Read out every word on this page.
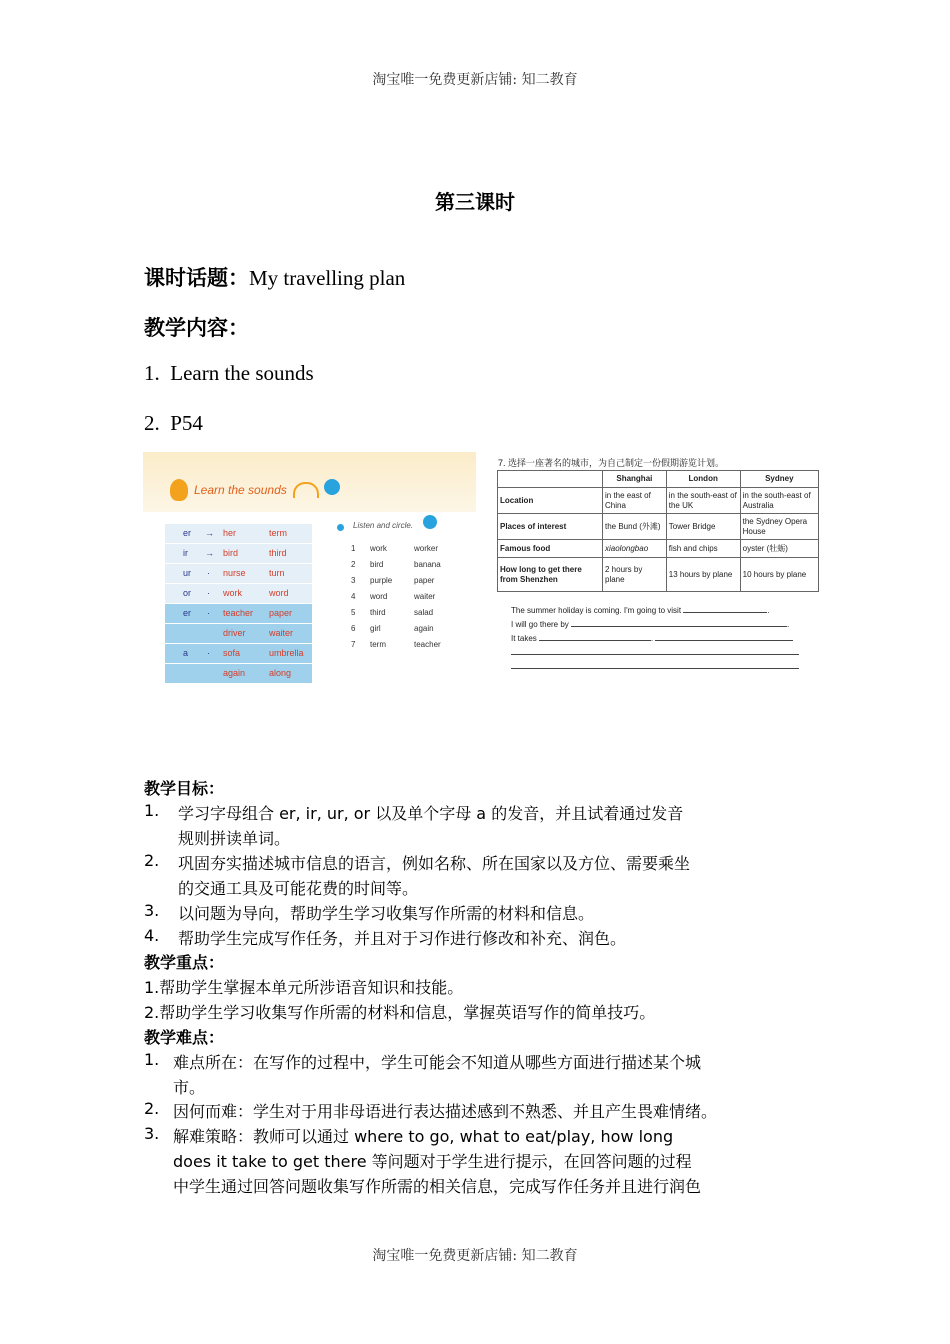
淘宝唯一免费更新店铺: 知二教育
第三课时
课时话题：My travelling plan
教学内容：
1. Learn the sounds
2. P54
Learn the sounds
er → her	term
ir → bird	third
ur · nurse	turn
or · work	word
er · teacher paper
driver	waiter
a · sofa	umbrella
again	along
Listen and circle.
1 work	worker
2 bird	banana
3 purple	paper
4 word	waiter
5 third	salad
6 girl	again
7 term	teacher
7. 选择一座著名的城市，为自己制定一份假期游览计划。
	Shanghai	London	Sydney
Location	in the east of China	in the south-east of the UK	in the south-east of Australia
Places of interest	the Bund (外滩)	Tower Bridge	the Sydney Opera House
Famous food	xiaolongbao	fish and chips	oyster (牡蛎)
How long to get there from Shenzhen	2 hours by plane	13 hours by plane	10 hours by plane
The summer holiday is coming. I'm going to visit	.
I will go there by	.
It takes	.
教学目标：
1. 学习字母组合 er, ir, ur, or 以及单个字母 a 的发音，并且试着通过发音
规则拼读单词。
2. 巩固夯实描述城市信息的语言，例如名称、所在国家以及方位、需要乘坐
的交通工具及可能花费的时间等。
3. 以问题为导向，帮助学生学习收集写作所需的材料和信息。
4. 帮助学生完成写作任务，并且对于习作进行修改和补充、润色。
教学重点：
1.帮助学生掌握本单元所涉语音知识和技能。
2.帮助学生学习收集写作所需的材料和信息，掌握英语写作的简单技巧。
教学难点：
1. 难点所在：在写作的过程中，学生可能会不知道从哪些方面进行描述某个城
市。
2. 因何而难：学生对于用非母语进行表达描述感到不熟悉、并且产生畏难情绪。
3. 解难策略：教师可以通过 where to go, what to eat/play, how long
does it take to get there 等问题对于学生进行提示，在回答问题的过程
中学生通过回答问题收集写作所需的相关信息，完成写作任务并且进行润色
淘宝唯一免费更新店铺: 知二教育
